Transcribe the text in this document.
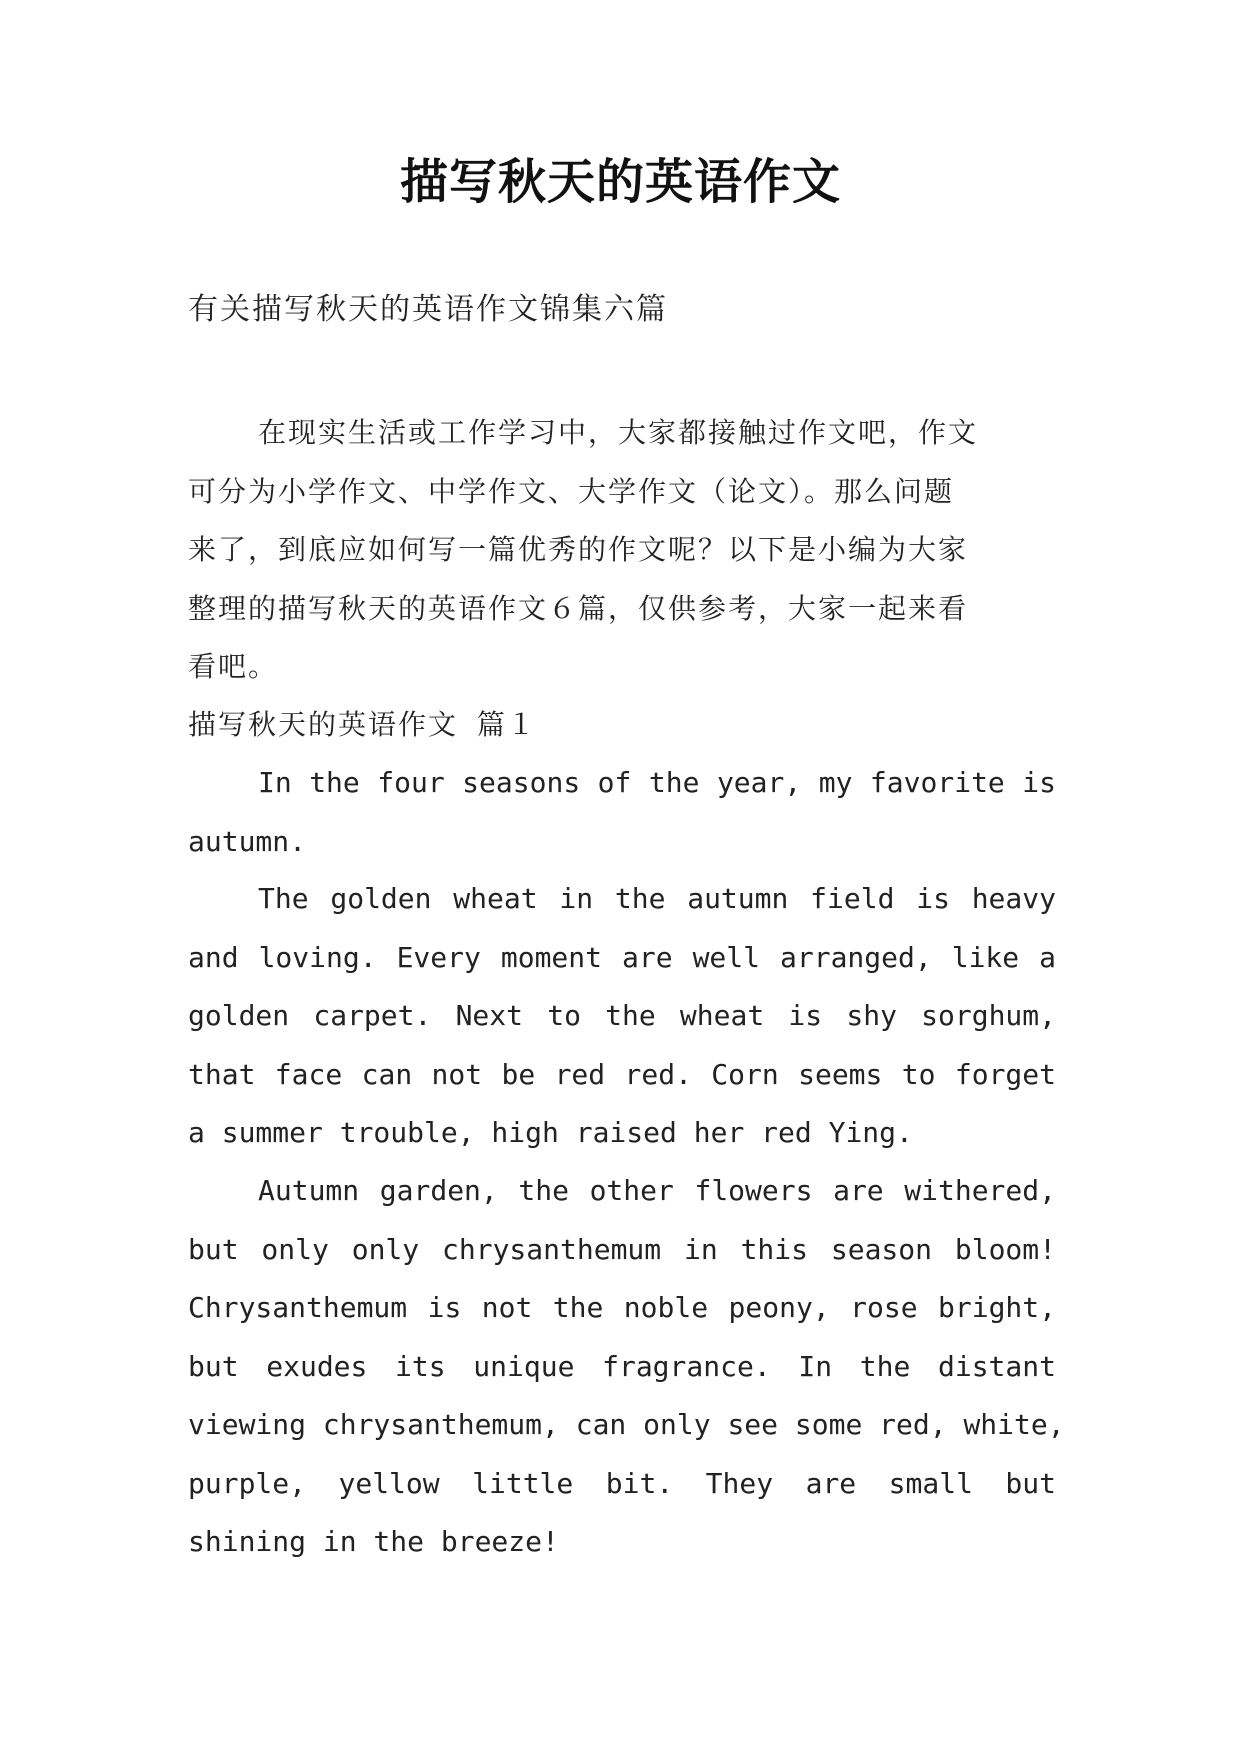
描写秋天的英语作文
有关描写秋天的英语作文锦集六篇
在现实生活或工作学习中，大家都接触过作文吧，作文
可分为小学作文、中学作文、大学作文（论文）。那么问题
来了，到底应如何写一篇优秀的作文呢？以下是小编为大家
整理的描写秋天的英语作文６篇，仅供参考，大家一起来看
看吧。
描写秋天的英语作文 篇１
In the four seasons of the year, my favorite is
autumn.
The golden wheat in the autumn field is heavy
and loving. Every moment are well arranged, like a
golden carpet. Next to the wheat is shy sorghum,
that face can not be red red. Corn seems to forget
a summer trouble, high raised her red Ying.
Autumn garden, the other flowers are withered,
but only only chrysanthemum in this season bloom!
Chrysanthemum is not the noble peony, rose bright,
but exudes its unique fragrance. In the distant
viewing chrysanthemum, can only see some red, white,
purple, yellow little bit. They are small but
shining in the breeze!
